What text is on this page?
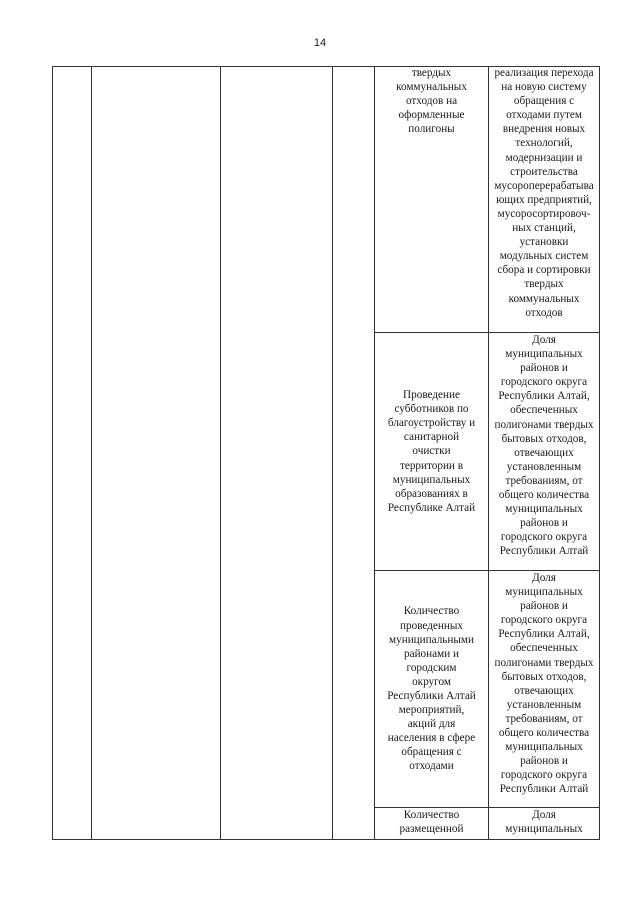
14
твердых
коммунальных
отходов на
оформленные
полигоны
реализация перехода
на новую систему
обращения с
отходами путем
внедрения новых
технологий,
модернизации и
строительства
мусороперерабатыва
ющих предприятий,
мусоросортировоч-
ных станций,
установки
модульных систем
сбора и сортировки
твердых
коммунальных
отходов
Проведение
субботников по
благоустройству и
санитарной
очистки
территории в
муниципальных
образованиях в
Республике Алтай
Доля
муниципальных
районов и
городского округа
Республики Алтай,
обеспеченных
полигонами твердых
бытовых отходов,
отвечающих
установленным
требованиям, от
общего количества
муниципальных
районов и
городского округа
Республики Алтай
Количество
проведенных
муниципальными
районами и
городским
округом
Республики Алтай
мероприятий,
акций для
населения в сфере
обращения с
отходами
Доля
муниципальных
районов и
городского округа
Республики Алтай,
обеспеченных
полигонами твердых
бытовых отходов,
отвечающих
установленным
требованиям, от
общего количества
муниципальных
районов и
городского округа
Республики Алтай
Количество
размещенной
Доля
муниципальных
